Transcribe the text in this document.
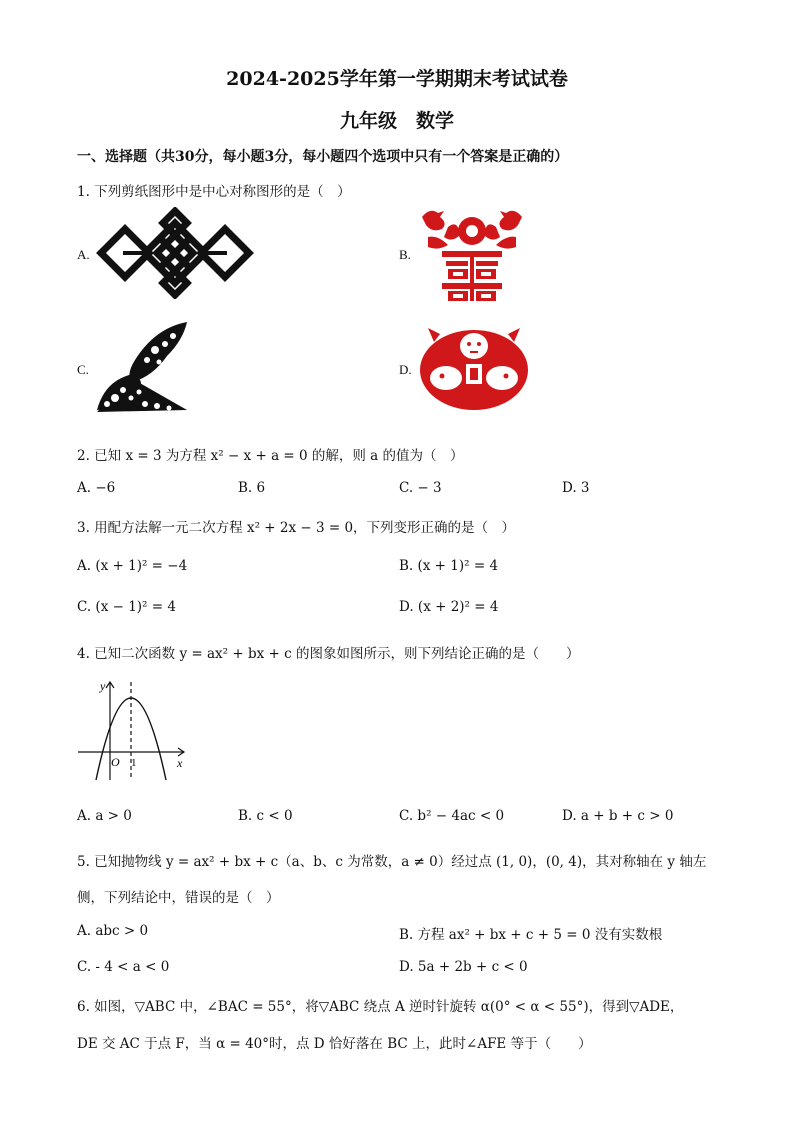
2024-2025学年第一学期期末考试试卷
九年级　数学
一、选择题（共30分，每小题3分，每小题四个选项中只有一个答案是正确的）
1. 下列剪纸图形中是中心对称图形的是（　）
A.	B.
C.	D.
2. 已知 x = 3 为方程 x² − x + a = 0 的解，则 a 的值为（　）
A. −6	B. 6	C. − 3	D. 3
3. 用配方法解一元二次方程 x² + 2x − 3 = 0，下列变形正确的是（　）
A. (x + 1)² = −4	B. (x + 1)² = 4
C. (x − 1)² = 4	D. (x + 2)² = 4
4. 已知二次函数 y = ax² + bx + c 的图象如图所示，则下列结论正确的是（　　）
y
x
O 1
A. a > 0	B. c < 0	C. b² − 4ac < 0	D. a + b + c > 0
5. 已知抛物线 y = ax² + bx + c（a、b、c 为常数，a ≠ 0）经过点 (1, 0)，(0, 4)，其对称轴在 y 轴左
侧，下列结论中，错误的是（　）
A. abc > 0	B. 方程 ax² + bx + c + 5 = 0 没有实数根
C. - 4 < a < 0	D. 5a + 2b + c < 0
6. 如图，▽ABC 中，∠BAC = 55°，将▽ABC 绕点 A 逆时针旋转 α(0° < α < 55°)，得到▽ADE，
DE 交 AC 于点 F，当 α = 40°时，点 D 恰好落在 BC 上，此时∠AFE 等于（　　）
